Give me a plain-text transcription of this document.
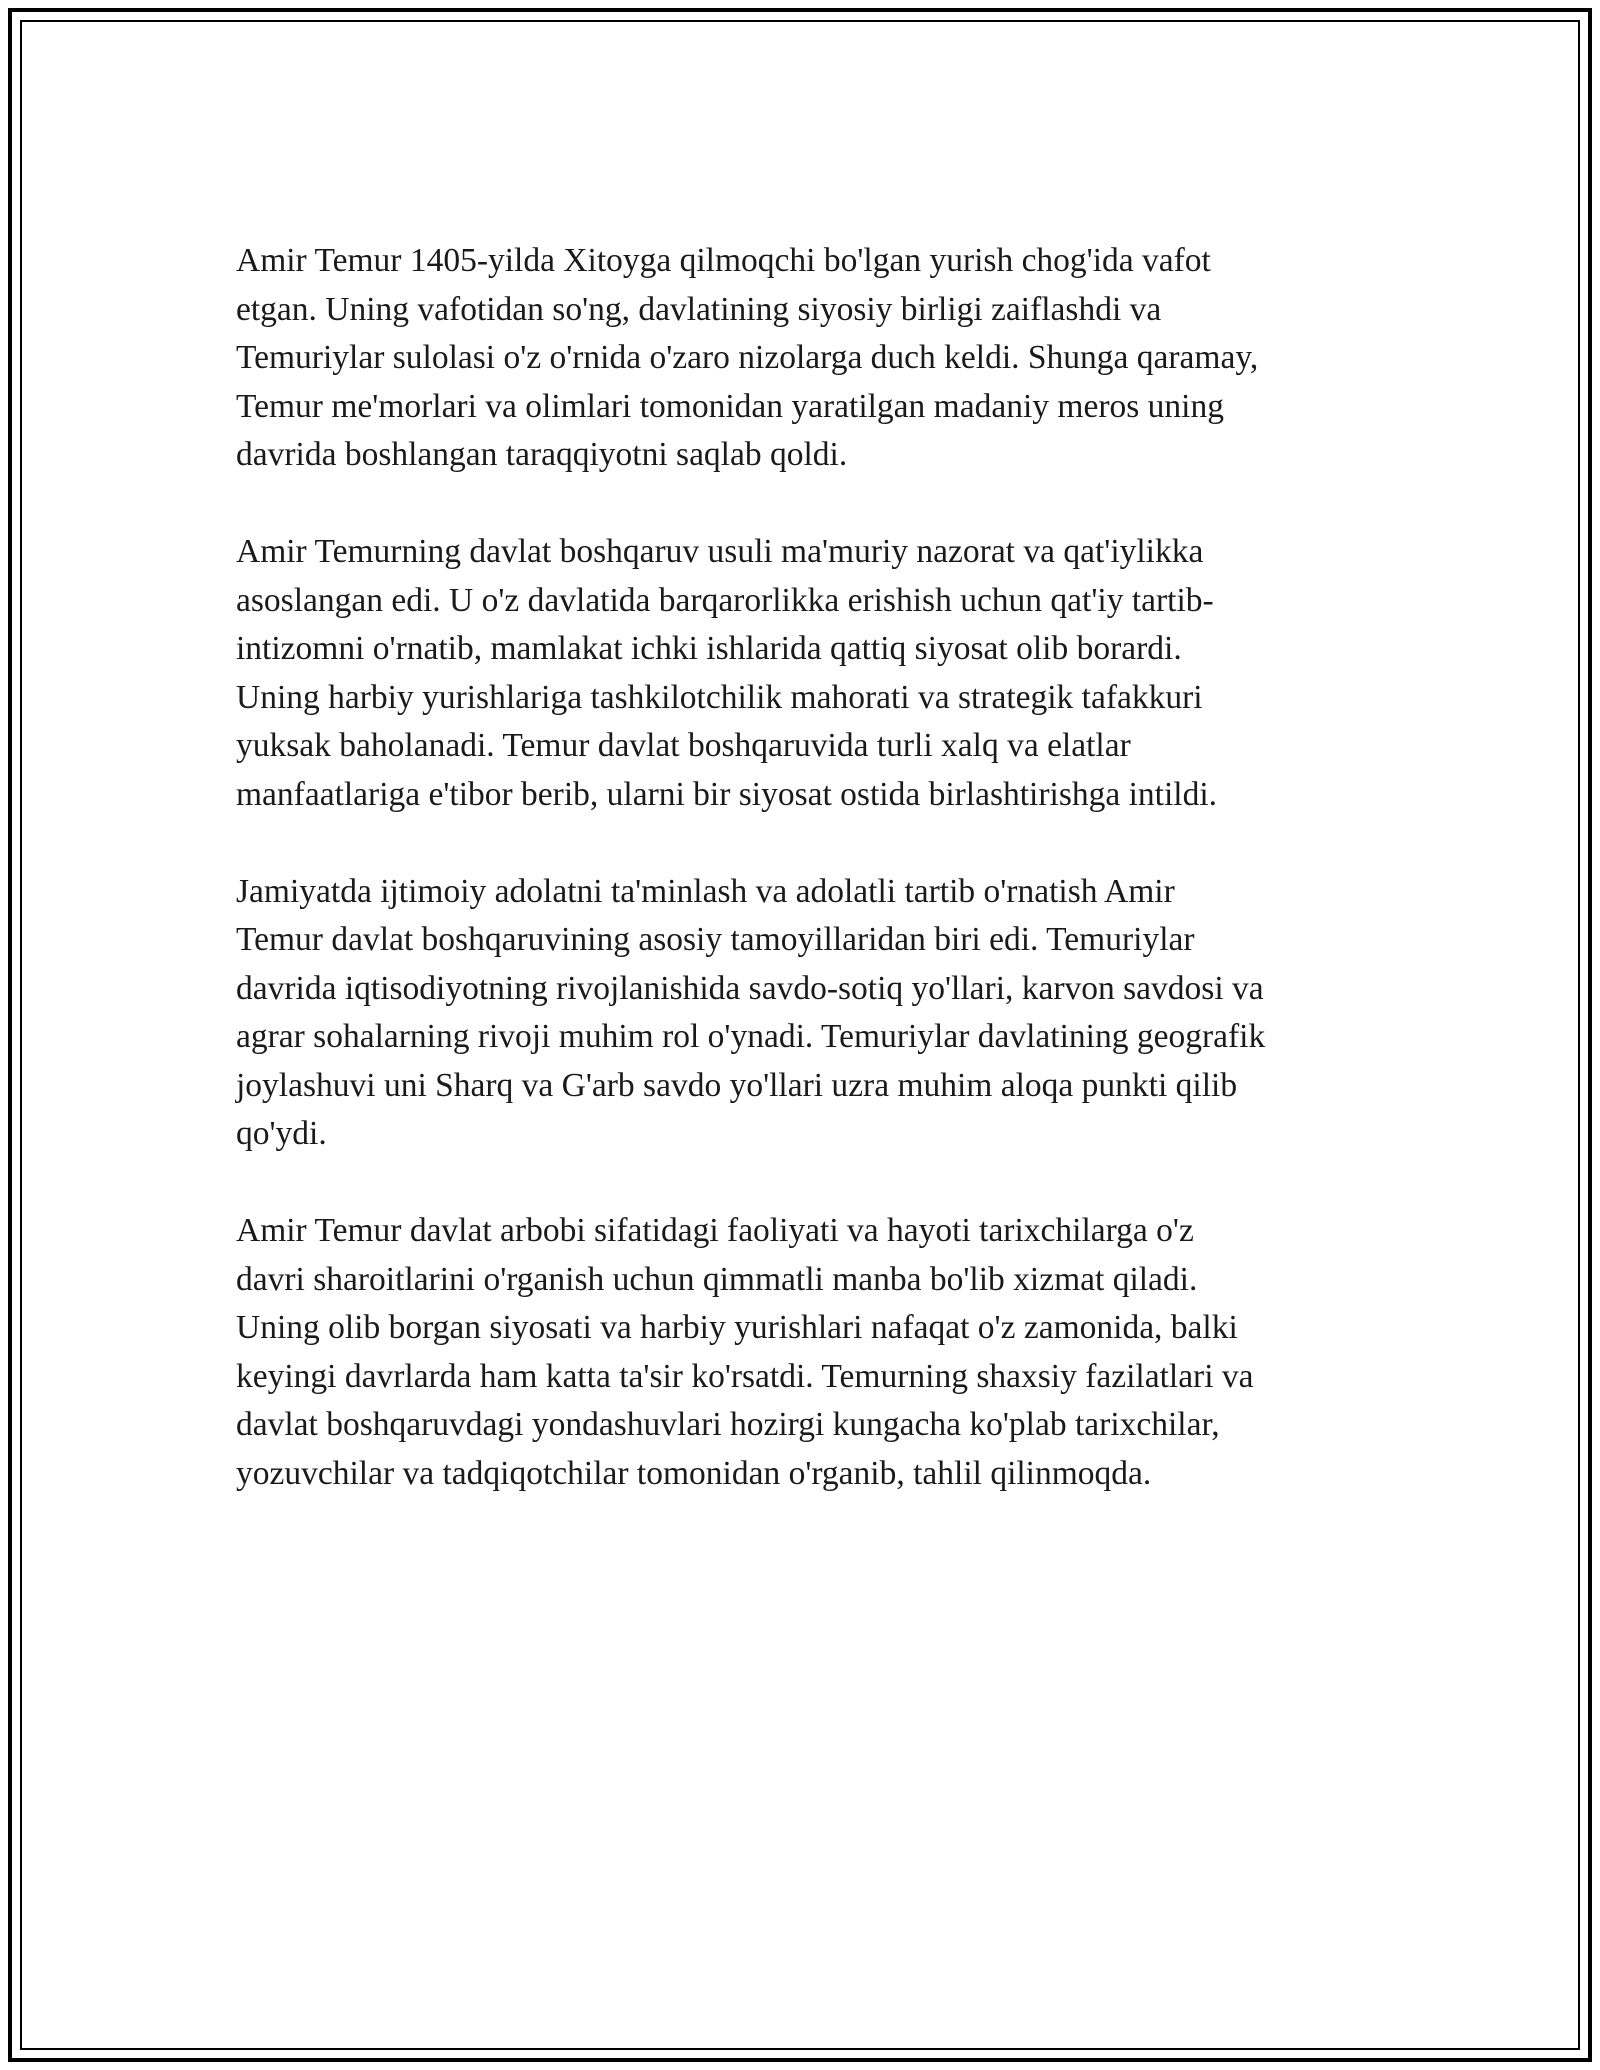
Amir Temur 1405-yilda Xitoyga qilmoqchi bo'lgan yurish chog'ida vafot
etgan. Uning vafotidan so'ng, davlatining siyosiy birligi zaiflashdi va
Temuriylar sulolasi o'z o'rnida o'zaro nizolarga duch keldi. Shunga qaramay,
Temur me'morlari va olimlari tomonidan yaratilgan madaniy meros uning
davrida boshlangan taraqqiyotni saqlab qoldi.

Amir Temurning davlat boshqaruv usuli ma'muriy nazorat va qat'iylikka
asoslangan edi. U o'z davlatida barqarorlikka erishish uchun qat'iy tartib-
intizomni o'rnatib, mamlakat ichki ishlarida qattiq siyosat olib borardi.
Uning harbiy yurishlariga tashkilotchilik mahorati va strategik tafakkuri
yuksak baholanadi. Temur davlat boshqaruvida turli xalq va elatlar
manfaatlariga e'tibor berib, ularni bir siyosat ostida birlashtirishga intildi.

Jamiyatda ijtimoiy adolatni ta'minlash va adolatli tartib o'rnatish Amir
Temur davlat boshqaruvining asosiy tamoyillaridan biri edi. Temuriylar
davrida iqtisodiyotning rivojlanishida savdo-sotiq yo'llari, karvon savdosi va
agrar sohalarning rivoji muhim rol o'ynadi. Temuriylar davlatining geografik
joylashuvi uni Sharq va G'arb savdo yo'llari uzra muhim aloqa punkti qilib
qo'ydi.

Amir Temur davlat arbobi sifatidagi faoliyati va hayoti tarixchilarga o'z
davri sharoitlarini o'rganish uchun qimmatli manba bo'lib xizmat qiladi.
Uning olib borgan siyosati va harbiy yurishlari nafaqat o'z zamonida, balki
keyingi davrlarda ham katta ta'sir ko'rsatdi. Temurning shaxsiy fazilatlari va
davlat boshqaruvdagi yondashuvlari hozirgi kungacha ko'plab tarixchilar,
yozuvchilar va tadqiqotchilar tomonidan o'rganib, tahlil qilinmoqda.
